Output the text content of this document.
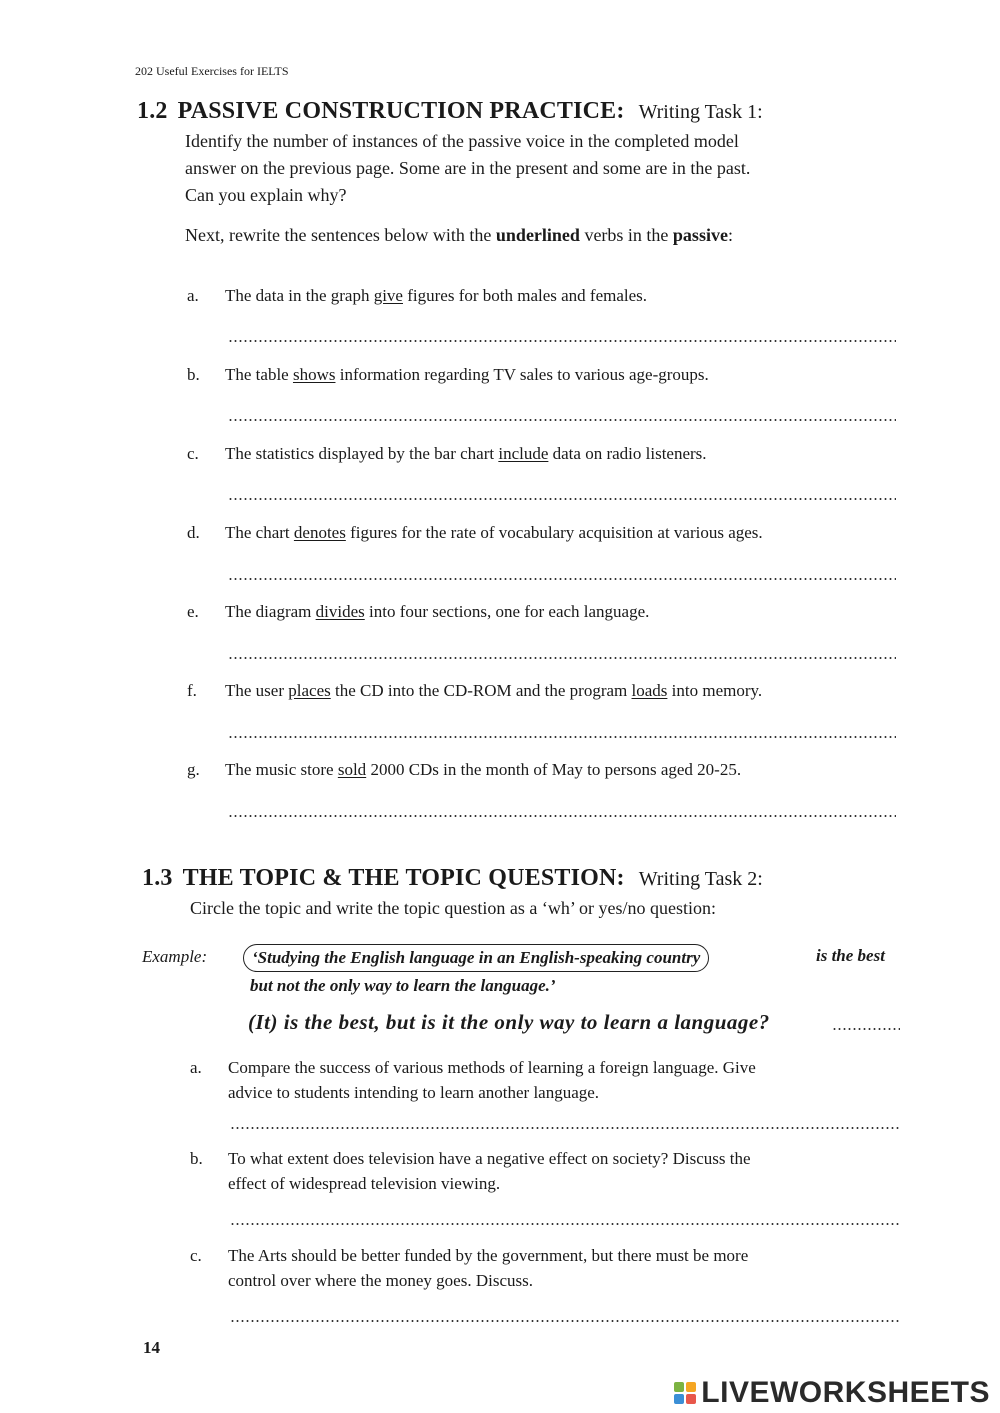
202 Useful Exercises for IELTS
1.2 PASSIVE CONSTRUCTION PRACTICE: Writing Task 1:
Identify the number of instances of the passive voice in the completed model
answer on the previous page. Some are in the present and some are in the past.
Can you explain why?
Next, rewrite the sentences below with the underlined verbs in the passive:
a. The data in the graph give figures for both males and females.
b. The table shows information regarding TV sales to various age-groups.
c. The statistics displayed by the bar chart include data on radio listeners.
d. The chart denotes figures for the rate of vocabulary acquisition at various ages.
e. The diagram divides into four sections, one for each language.
f. The user places the CD into the CD-ROM and the program loads into memory.
g. The music store sold 2000 CDs in the month of May to persons aged 20-25.
1.3 THE TOPIC & THE TOPIC QUESTION: Writing Task 2:
Circle the topic and write the topic question as a ‘wh’ or yes/no question:
Example:	‘Studying the English language in an English-speaking country	is the best
but not the only way to learn the language.’
(It) is the best, but is it the only way to learn a language?
a. Compare the success of various methods of learning a foreign language. Give
advice to students intending to learn another language.
b. To what extent does television have a negative effect on society? Discuss the
effect of widespread television viewing.
c. The Arts should be better funded by the government, but there must be more
control over where the money goes. Discuss.
14
LIVEWORKSHEETS
